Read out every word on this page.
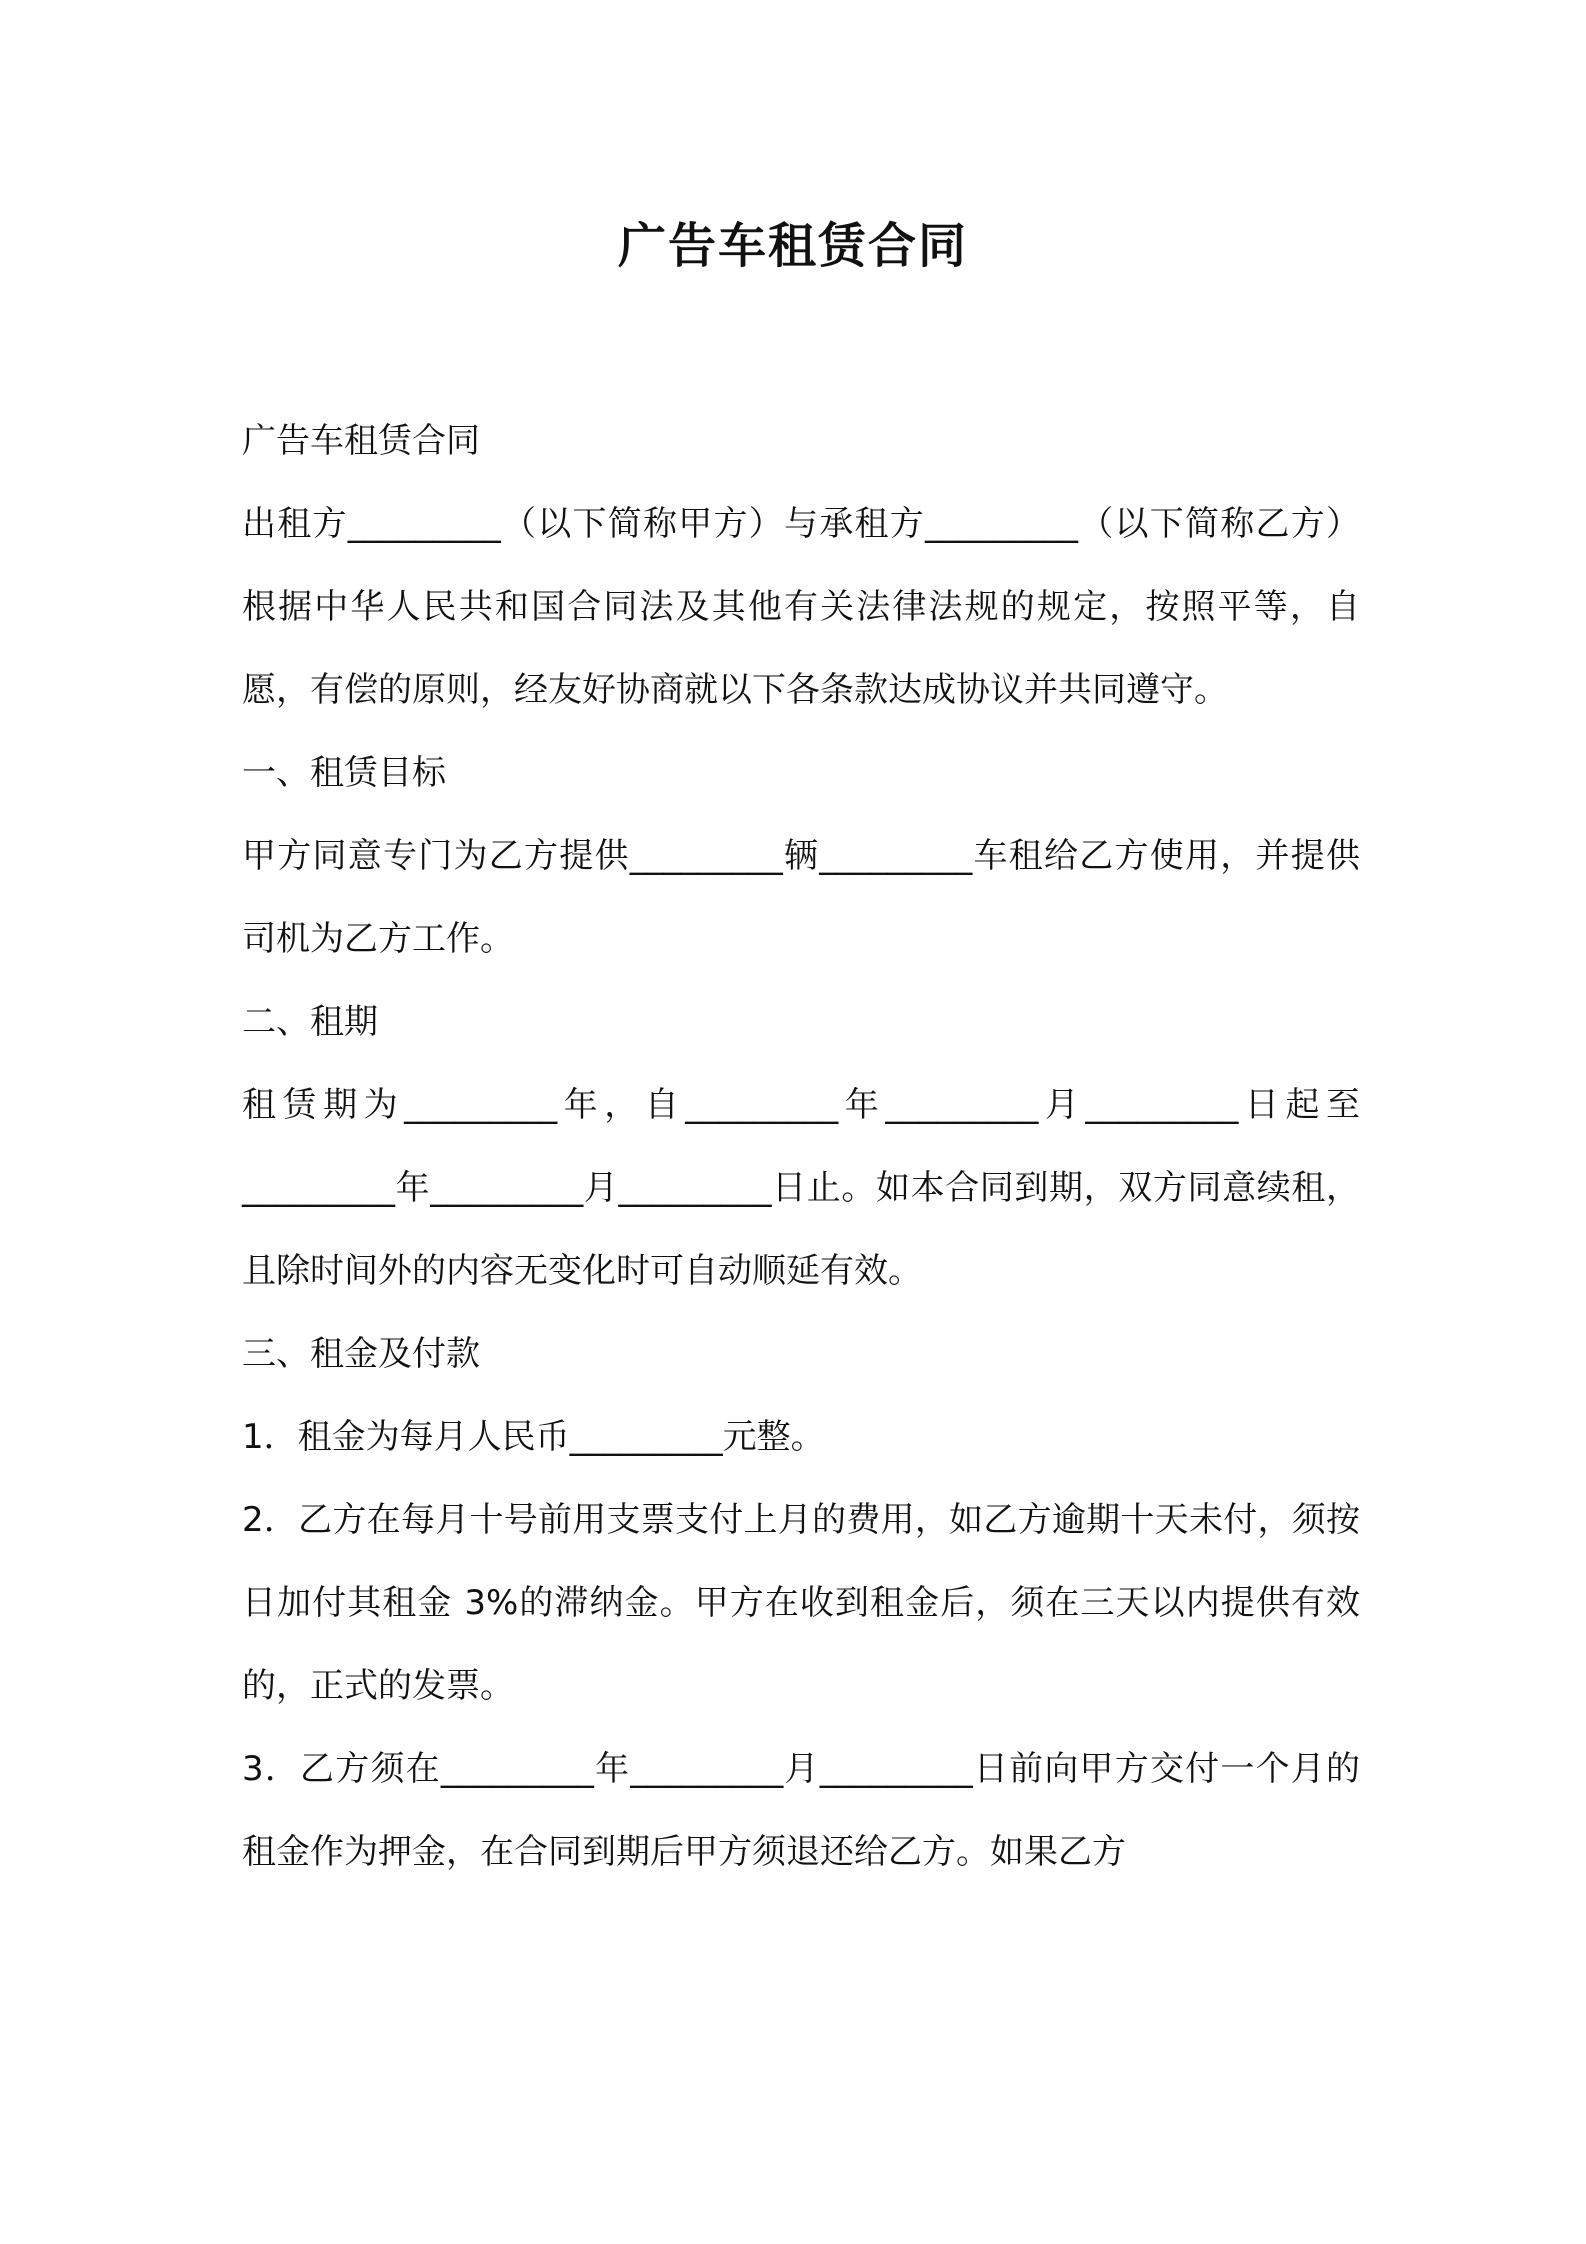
广告车租赁合同

广告车租赁合同

出租方_________（以下简称甲方）与承租方_________（以下简称乙方）根据中华人民共和国合同法及其他有关法律法规的规定，按照平等，自愿，有偿的原则，经友好协商就以下各条款达成协议并共同遵守。

一、租赁目标

甲方同意专门为乙方提供_________辆_________车租给乙方使用，并提供司机为乙方工作。

二、租期

租赁期为_________年，自_________年_________月_________日起至_________年_________月_________日止。如本合同到期，双方同意续租，且除时间外的内容无变化时可自动顺延有效。

三、租金及付款

1．租金为每月人民币_________元整。

2．乙方在每月十号前用支票支付上月的费用，如乙方逾期十天未付，须按日加付其租金 3%的滞纳金。甲方在收到租金后，须在三天以内提供有效的，正式的发票。

3．乙方须在_________年_________月_________日前向甲方交付一个月的租金作为押金，在合同到期后甲方须退还给乙方。如果乙方
